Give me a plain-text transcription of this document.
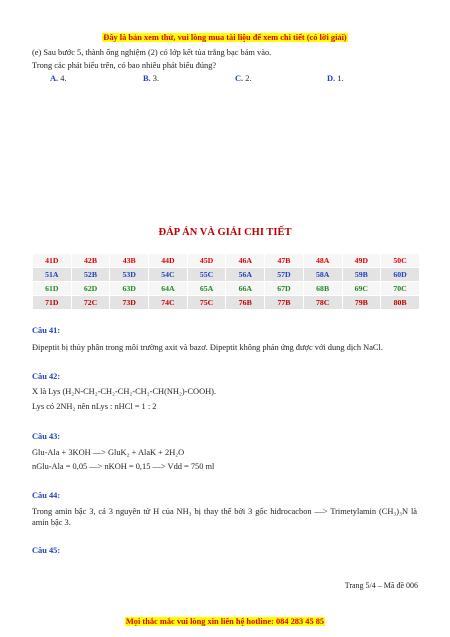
Đây là bản xem thử, vui lòng mua tài liệu để xem chi tiết (có lời giải)
(e) Sau bước 5, thành ống nghiệm (2) có lớp kết tủa trắng bạc bám vào.
Trong các phát biểu trên, có bao nhiêu phát biểu đúng?
A. 4.	B. 3.	C. 2.	D. 1.
ĐÁP ÁN VÀ GIẢI CHI TIẾT
41D	42B	43B	44D	45D	46A	47B	48A	49D	50C
51A	52B	53D	54C	55C	56A	57D	58A	59B	60D
61D	62D	63D	64A	65A	66A	67D	68B	69C	70C
71D	72C	73D	74C	75C	76B	77B	78C	79B	80B
Câu 41:
Đipeptit bị thủy phân trong môi trường axit và bazơ. Đipeptit không phản ứng được với dung dịch NaCl.
Câu 42:
X là Lys (H₂N-CH₂-CH₂-CH₂-CH₂-CH(NH₂)-COOH).
Lys có 2NH₂ nên nLys : nHCl = 1 : 2
Câu 43:
Glu-Ala + 3KOH —> GluK₂ + AlaK + 2H₂O
nGlu-Ala = 0,05 —> nKOH = 0,15 —> Vdd = 750 ml
Câu 44:
Trong amin bậc 3, cả 3 nguyên tử H của NH₃ bị thay thế bởi 3 gốc hiđrocacbon —> Trimetylamin (CH₃)₃N là amin bậc 3.
Câu 45:
Trang 5/4 – Mã đề 006
Mọi thắc mắc vui lòng xin liên hệ hotline: 084 283 45 85
